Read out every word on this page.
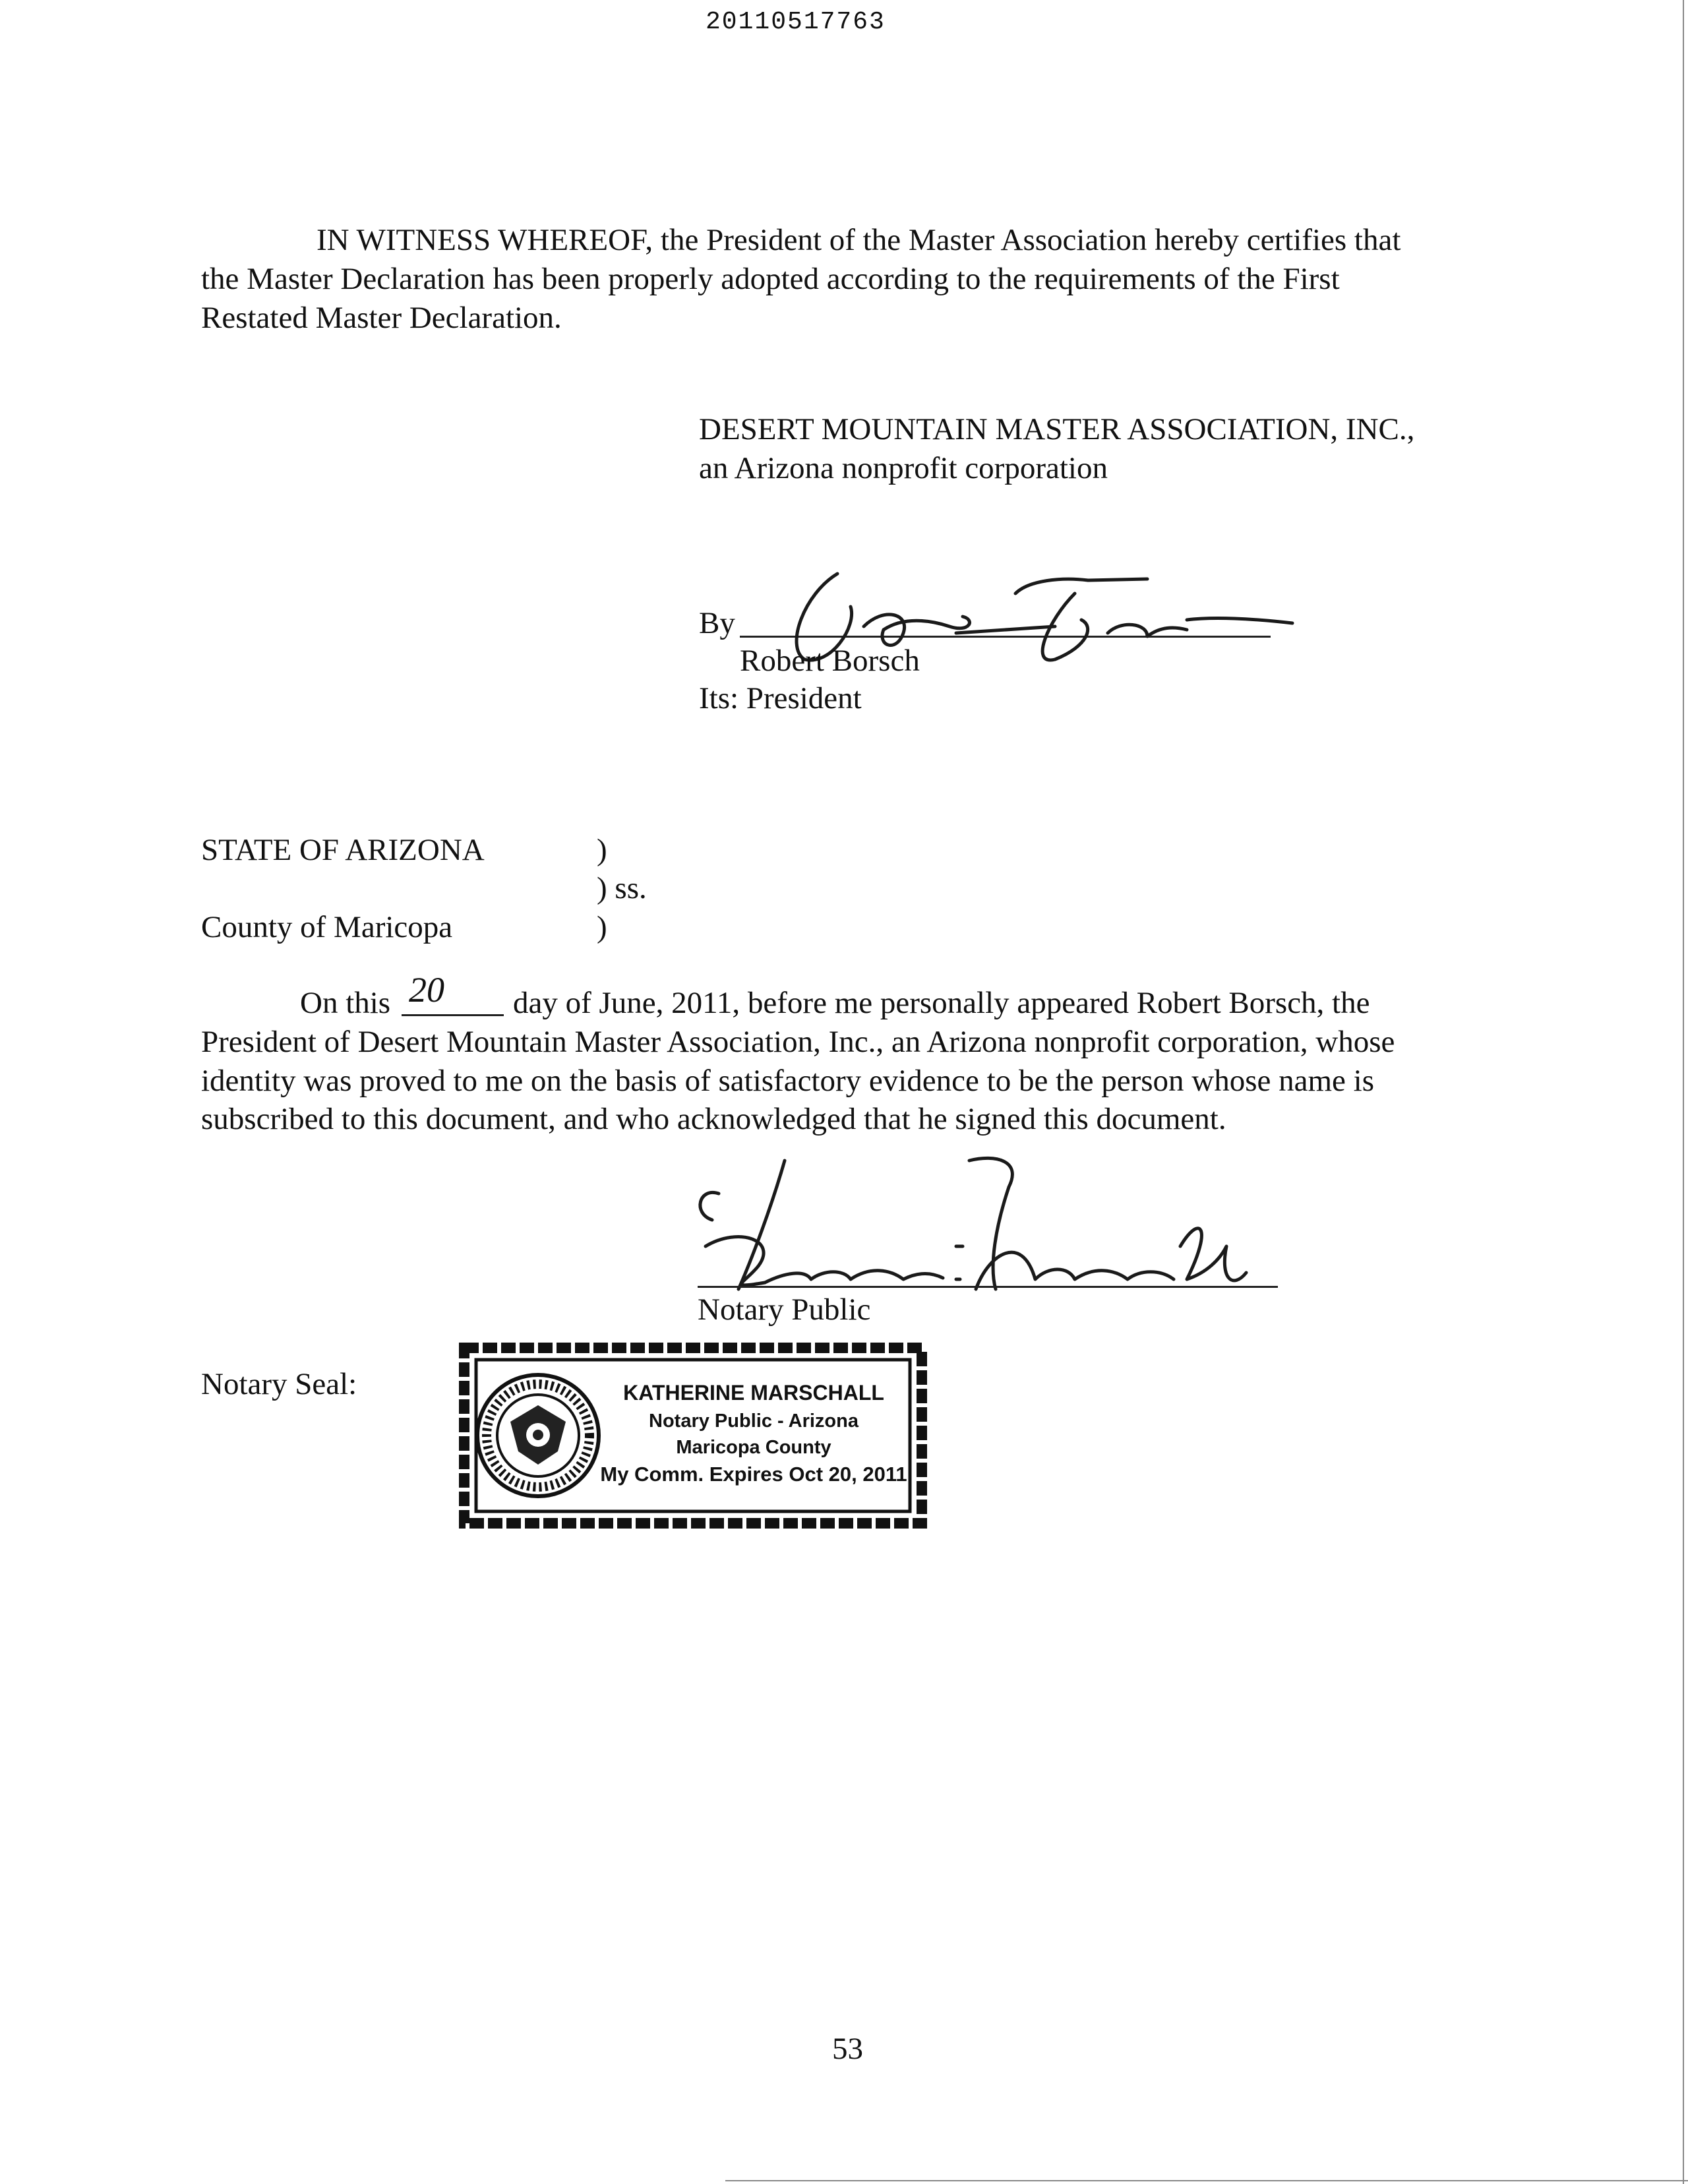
20110517763
IN WITNESS WHEREOF, the President of the Master Association hereby certifies that
the Master Declaration has been properly adopted according to the requirements of the First
Restated Master Declaration.
DESERT MOUNTAIN MASTER ASSOCIATION, INC.,
an Arizona nonprofit corporation
By
Robert Borsch
Its: President
STATE OF ARIZONA	)
) ss.
County of Maricopa	)
On this 20 day of June, 2011, before me personally appeared Robert Borsch, the
President of Desert Mountain Master Association, Inc., an Arizona nonprofit corporation, whose
identity was proved to me on the basis of satisfactory evidence to be the person whose name is
subscribed to this document, and who acknowledged that he signed this document.
Notary Public
Notary Seal:	KATHERINE MARSCHALL
Notary Public - Arizona
Maricopa County
My Comm. Expires Oct 20, 2011
53
